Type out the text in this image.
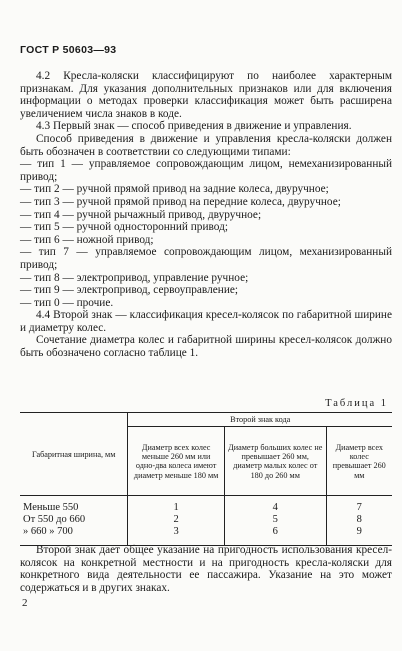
ГОСТ Р 50603—93

4.2 Кресла-коляски классифицируют по наиболее характерным признакам. Для указания дополнительных признаков или для включения информации о методах проверки классификация может быть расширена увеличением числа знаков в коде.

4.3 Первый знак — способ приведения в движение и управления.

Способ приведения в движение и управления кресла-коляски должен быть обозначен в соответствии со следующими типами:

— тип 1 — управляемое сопровождающим лицом, немеханизированный привод;

— тип 2 — ручной прямой привод на задние колеса, двуручное;

— тип 3 — ручной прямой привод на передние колеса, двуручное;

— тип 4 — ручной рычажный привод, двуручное;

— тип 5 — ручной односторонний привод;

— тип 6 — ножной привод;

— тип 7 — управляемое сопровождающим лицом, механизированный привод;

— тип 8 — электропривод, управление ручное;

— тип 9 — электропривод, сервоуправление;

— тип 0 — прочие.

4.4 Второй знак — классификация кресел-колясок по габаритной ширине и диаметру колес.

Сочетание диаметра колес и габаритной ширины кресел-колясок должно быть обозначено согласно таблице 1.

Таблица 1
Габаритная ширина, мм	Второй знак кода		
	Диаметр всех колес меньше 260 мм или одно-два колеса имеют диаметр меньше 180 мм	Диаметр больших колес не превышает 260 мм, диаметр малых колес от 180 до 260 мм	Диаметр всех колес превышает 260 мм
Меньше 550	1	4	7
От 550 до 660	2	5	8
» 660 » 700	3	6	9

Второй знак дает общее указание на пригодность использования кресел-колясок на конкретной местности и на пригодность кресла-коляски для конкретного вида деятельности ее пассажира. Указание на это может содержаться и в других знаках.

2
